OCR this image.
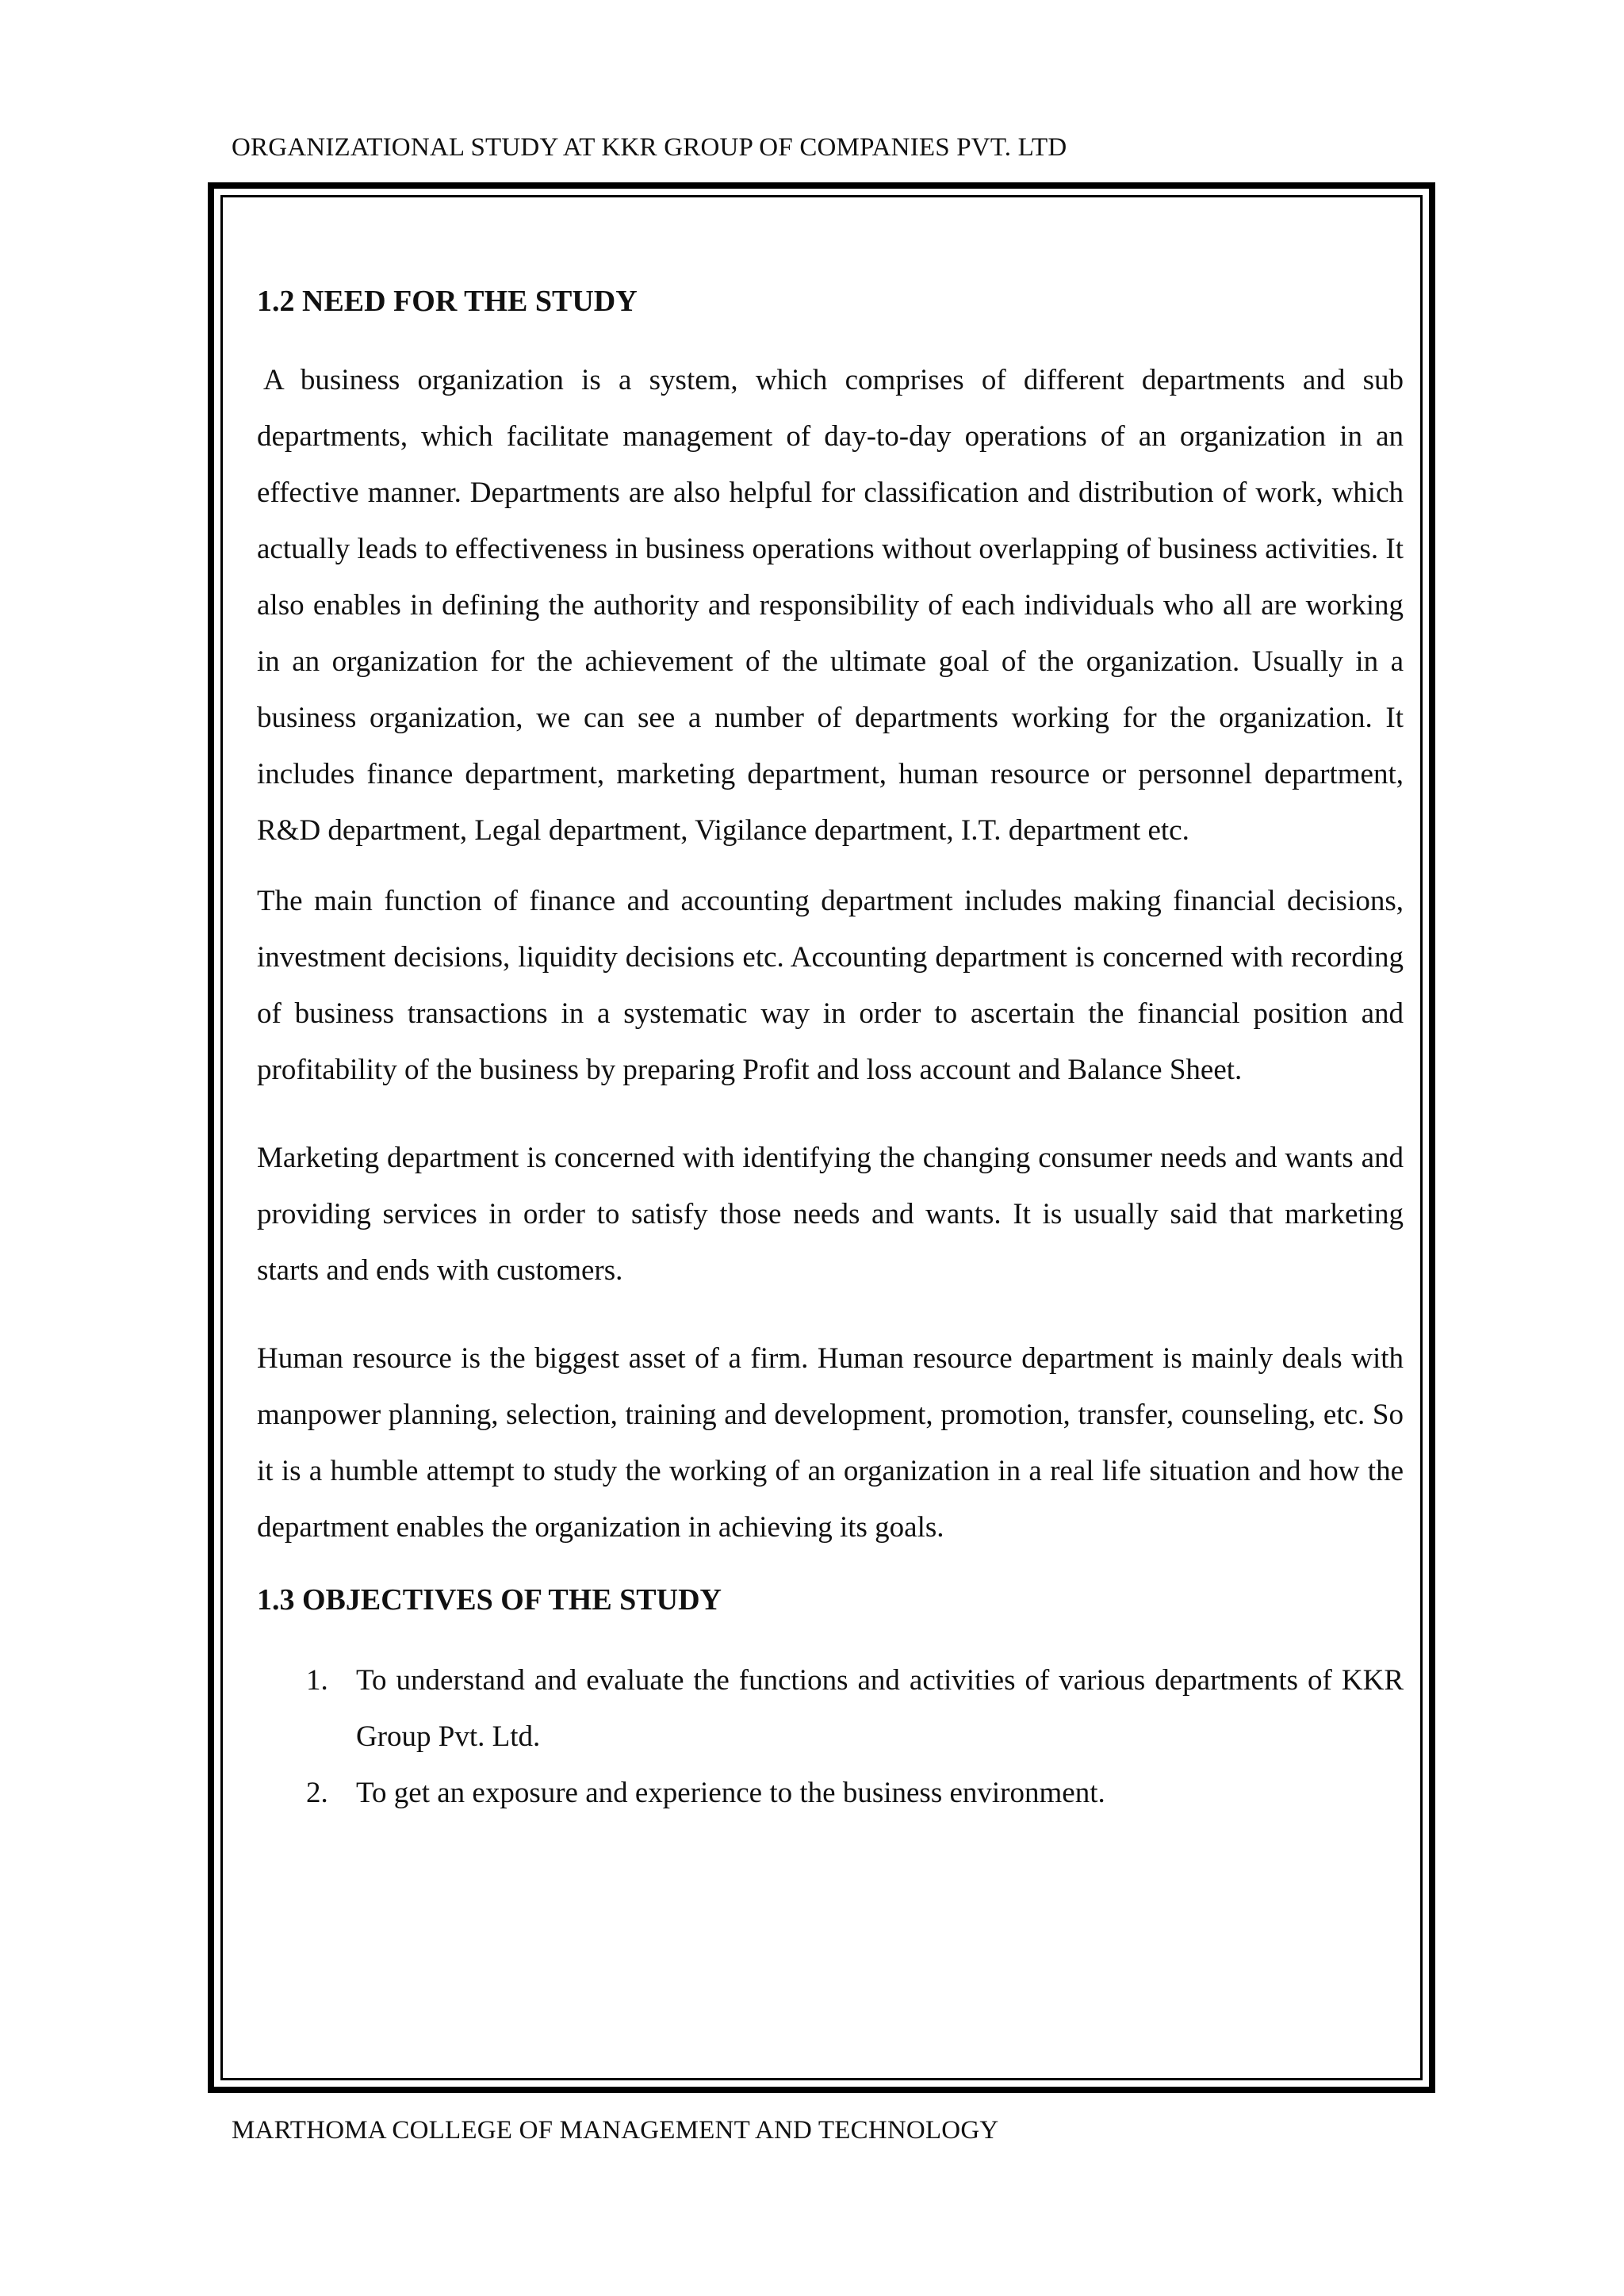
ORGANIZATIONAL STUDY AT KKR GROUP OF COMPANIES PVT. LTD
1.2 NEED FOR THE STUDY

A business organization is a system, which comprises of different departments and sub departments, which facilitate management of day-to-day operations of an organization in an effective manner. Departments are also helpful for classification and distribution of work, which actually leads to effectiveness in business operations without overlapping of business activities. It also enables in defining the authority and responsibility of each individuals who all are working in an organization for the achievement of the ultimate goal of the organization. Usually in a business organization, we can see a number of departments working for the organization. It includes finance department, marketing department, human resource or personnel department, R&D department, Legal department, Vigilance department, I.T. department etc.

The main function of finance and accounting department includes making financial decisions, investment decisions, liquidity decisions etc. Accounting department is concerned with recording of business transactions in a systematic way in order to ascertain the financial position and profitability of the business by preparing Profit and loss account and Balance Sheet.

Marketing department is concerned with identifying the changing consumer needs and wants and providing services in order to satisfy those needs and wants. It is usually said that marketing starts and ends with customers.

Human resource is the biggest asset of a firm. Human resource department is mainly deals with manpower planning, selection, training and development, promotion, transfer, counseling, etc. So it is a humble attempt to study the working of an organization in a real life situation and how the department enables the organization in achieving its goals.

1.3 OBJECTIVES OF THE STUDY
1. To understand and evaluate the functions and activities of various departments of KKR Group Pvt. Ltd.
2. To get an exposure and experience to the business environment.
MARTHOMA COLLEGE OF MANAGEMENT AND TECHNOLOGY
